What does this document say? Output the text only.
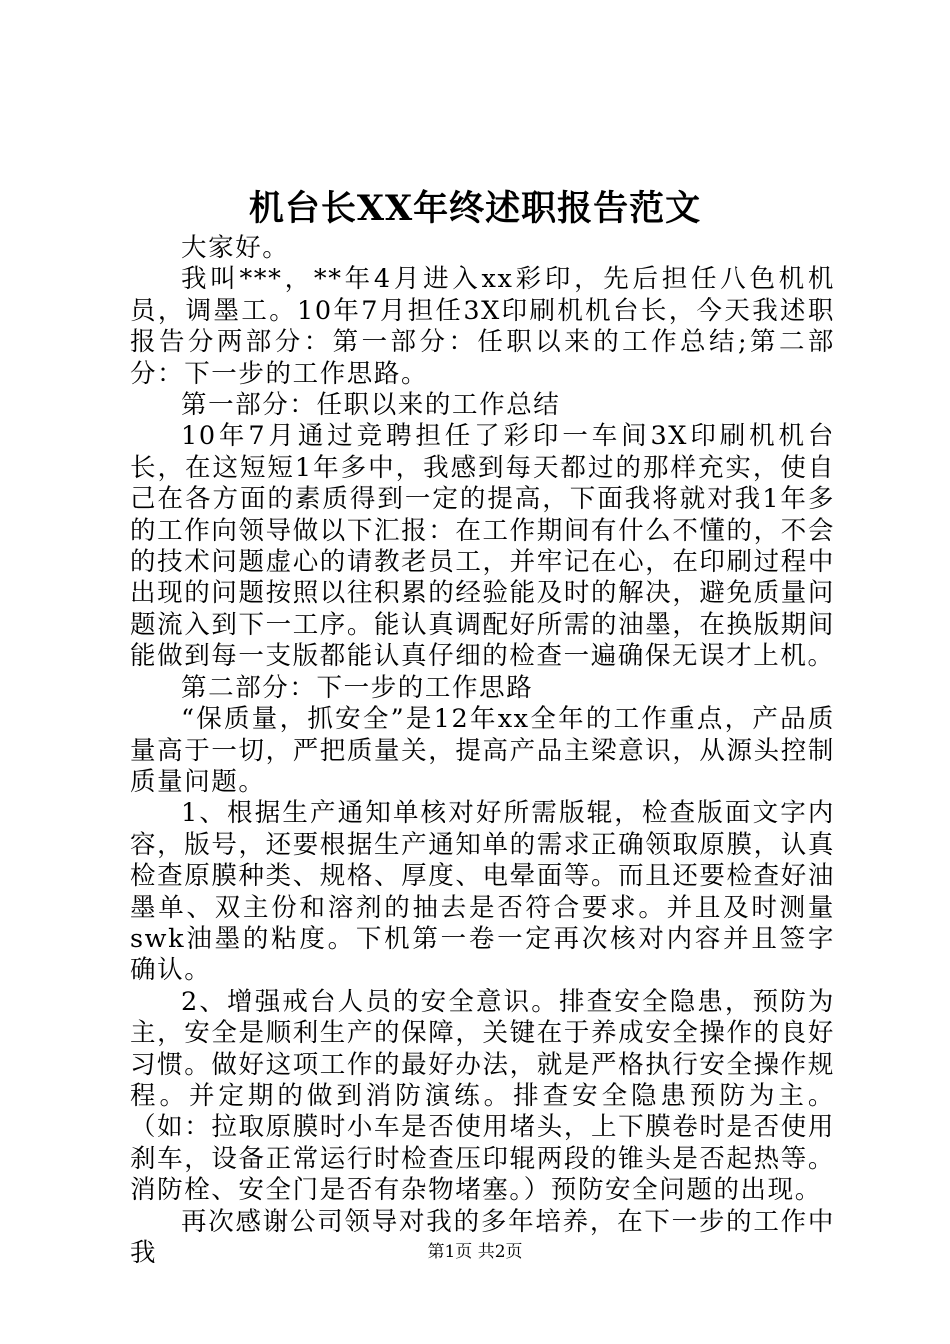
机台长XX年终述职报告范文

大家好。

我叫***，**年4月进入xx彩印，先后担任八色机机员，调墨工。10年7月担任3X印刷机机台长，今天我述职报告分两部分：第一部分：任职以来的工作总结;第二部分：下一步的工作思路。

第一部分：任职以来的工作总结

10年7月通过竞聘担任了彩印一车间3X印刷机机台长，在这短短1年多中，我感到每天都过的那样充实，使自己在各方面的素质得到一定的提高，下面我将就对我1年多的工作向领导做以下汇报：在工作期间有什么不懂的，不会的技术问题虚心的请教老员工，并牢记在心，在印刷过程中出现的问题按照以往积累的经验能及时的解决，避免质量问题流入到下一工序。能认真调配好所需的油墨，在换版期间能做到每一支版都能认真仔细的检查一遍确保无误才上机。

第二部分：下一步的工作思路

“保质量，抓安全”是12年xx全年的工作重点，产品质量高于一切，严把质量关，提高产品主梁意识，从源头控制质量问题。

1、根据生产通知单核对好所需版辊，检查版面文字内容，版号，还要根据生产通知单的需求正确领取原膜，认真检查原膜种类、规格、厚度、电晕面等。而且还要检查好油墨单、双主份和溶剂的抽去是否符合要求。并且及时测量swk油墨的粘度。下机第一卷一定再次核对内容并且签字确认。

2、增强戒台人员的安全意识。排查安全隐患，预防为主，安全是顺利生产的保障，关键在于养成安全操作的良好习惯。做好这项工作的最好办法，就是严格执行安全操作规程。并定期的做到消防演练。排查安全隐患预防为主。（如：拉取原膜时小车是否使用堵头，上下膜卷时是否使用刹车，设备正常运行时检查压印辊两段的锥头是否起热等。消防栓、安全门是否有杂物堵塞。）预防安全问题的出现。

再次感谢公司领导对我的多年培养，在下一步的工作中我	第1页 共2页
